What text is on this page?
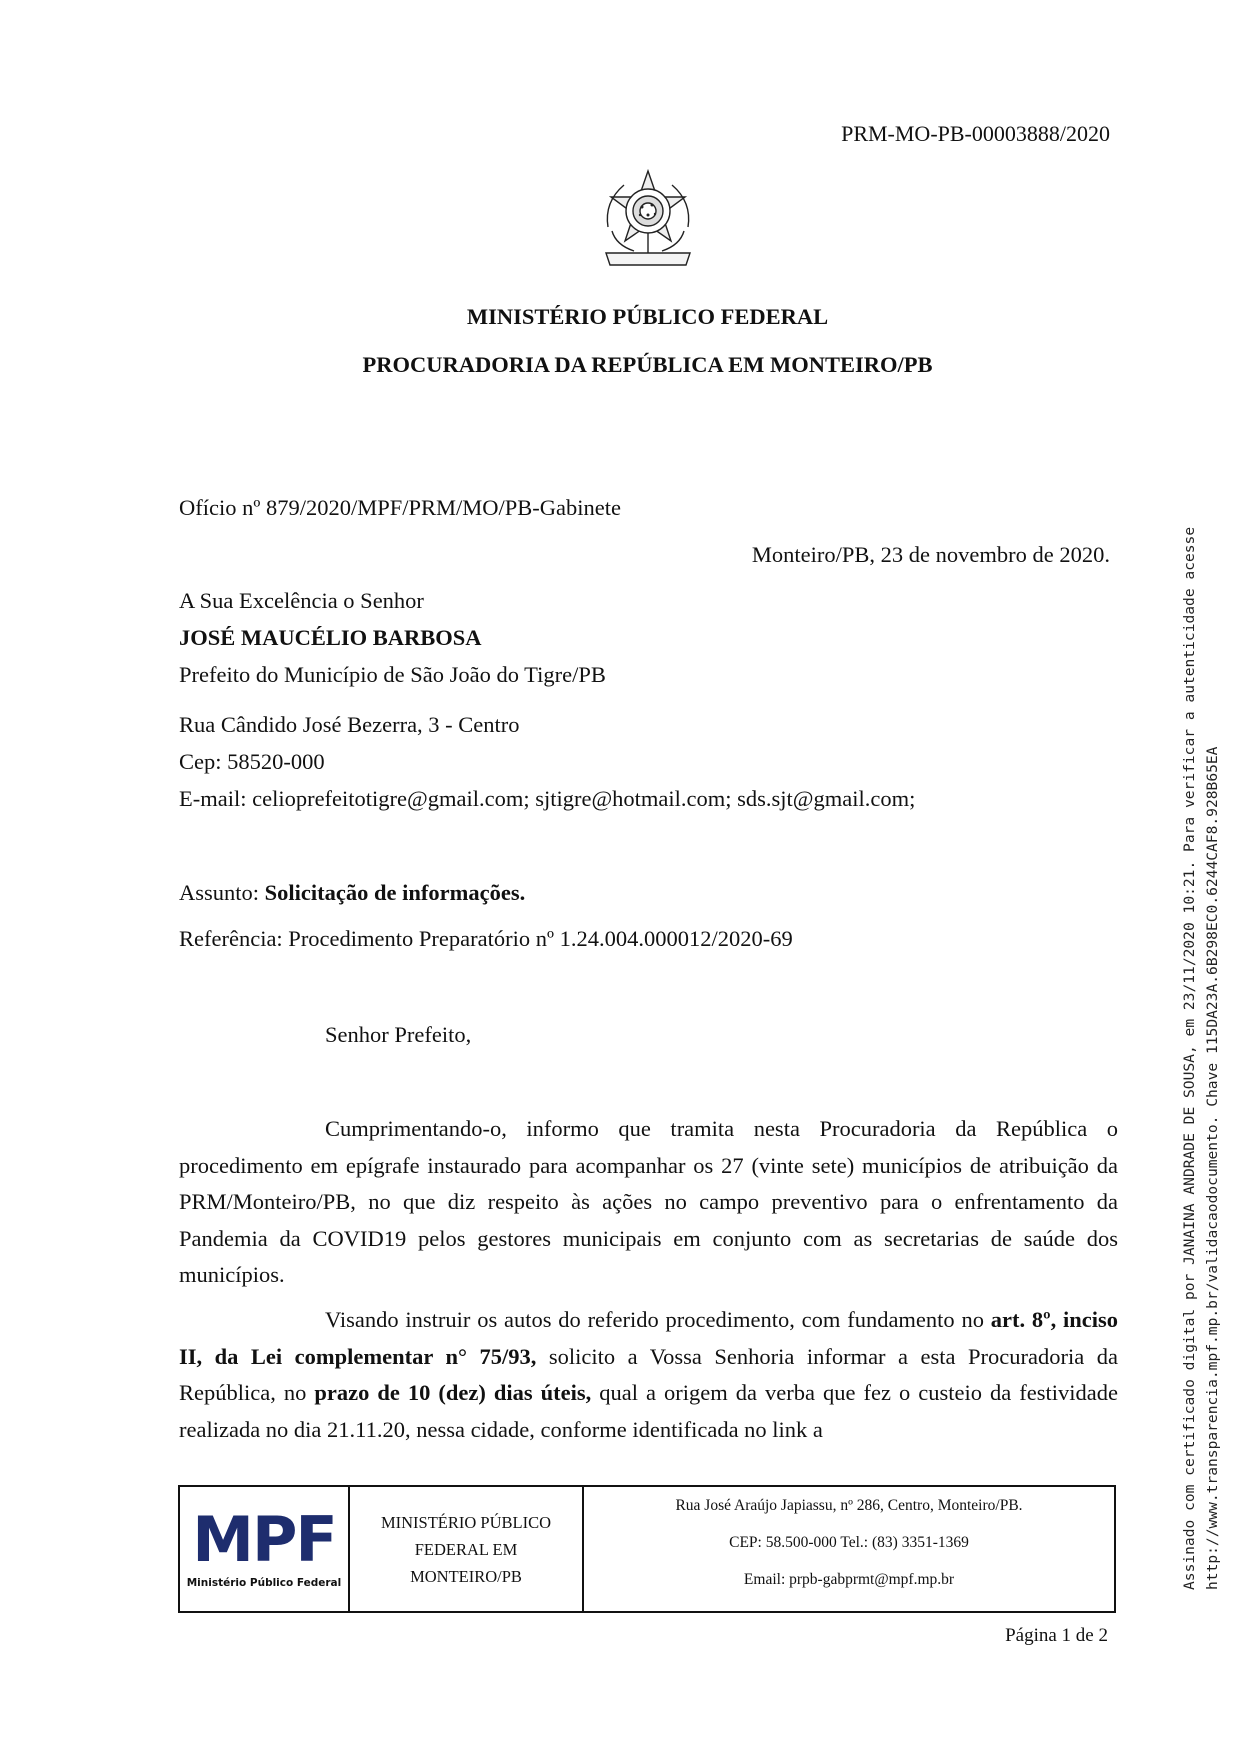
PRM-MO-PB-00003888/2020
MINISTÉRIO PÚBLICO FEDERAL
PROCURADORIA DA REPÚBLICA EM MONTEIRO/PB
Ofício nº 879/2020/MPF/PRM/MO/PB-Gabinete
Monteiro/PB, 23 de novembro de 2020.
A Sua Excelência o Senhor
JOSÉ MAUCÉLIO BARBOSA
Prefeito do Município de São João do Tigre/PB
Rua Cândido José Bezerra, 3 - Centro
Cep: 58520-000
E-mail: celioprefeitotigre@gmail.com; sjtigre@hotmail.com; sds.sjt@gmail.com;
Assunto: Solicitação de informações.
Referência: Procedimento Preparatório nº 1.24.004.000012/2020-69
Senhor Prefeito,

Cumprimentando-o, informo que tramita nesta Procuradoria da República o procedimento em epígrafe instaurado para acompanhar os 27 (vinte sete) municípios de atribuição da PRM/Monteiro/PB, no que diz respeito às ações no campo preventivo para o enfrentamento da Pandemia da COVID19 pelos gestores municipais em conjunto com as secretarias de saúde dos municípios.

Visando instruir os autos do referido procedimento, com fundamento no art. 8º, inciso II, da Lei complementar n° 75/93, solicito a Vossa Senhoria informar a esta Procuradoria da República, no prazo de 10 (dez) dias úteis, qual a origem da verba que fez o custeio da festividade realizada no dia 21.11.20, nessa cidade, conforme identificada no link a

MPF
Ministério Público Federal
MINISTÉRIO PÚBLICO FEDERAL EM MONTEIRO/PB
Rua José Araújo Japiassu, nº 286, Centro, Monteiro/PB.
CEP: 58.500-000 Tel.: (83) 3351-1369
Email: prpb-gabprmt@mpf.mp.br
Página 1 de 2
Assinado com certificado digital por JANAINA ANDRADE DE SOUSA, em 23/11/2020 10:21. Para verificar a autenticidade acesse http://www.transparencia.mpf.mp.br/validacaodocumento. Chave 115DA23A.6B298EC0.6244CAF8.928B65EA
